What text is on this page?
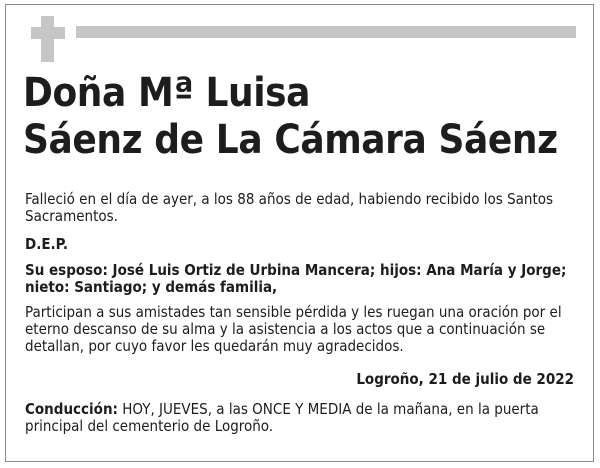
Doña Mª Luisa
Sáenz de La Cámara Sáenz

Falleció en el día de ayer, a los 88 años de edad, habiendo recibido los Santos Sacramentos.

D.E.P.

Su esposo: José Luis Ortiz de Urbina Mancera; hijos: Ana María y Jorge; nieto: Santiago; y demás familia,

Participan a sus amistades tan sensible pérdida y les ruegan una oración por el eterno descanso de su alma y la asistencia a los actos que a continuación se detallan, por cuyo favor les quedarán muy agradecidos.

Logroño, 21 de julio de 2022

Conducción: HOY, JUEVES, a las ONCE Y MEDIA de la mañana, en la puerta principal del cementerio de Logroño.
